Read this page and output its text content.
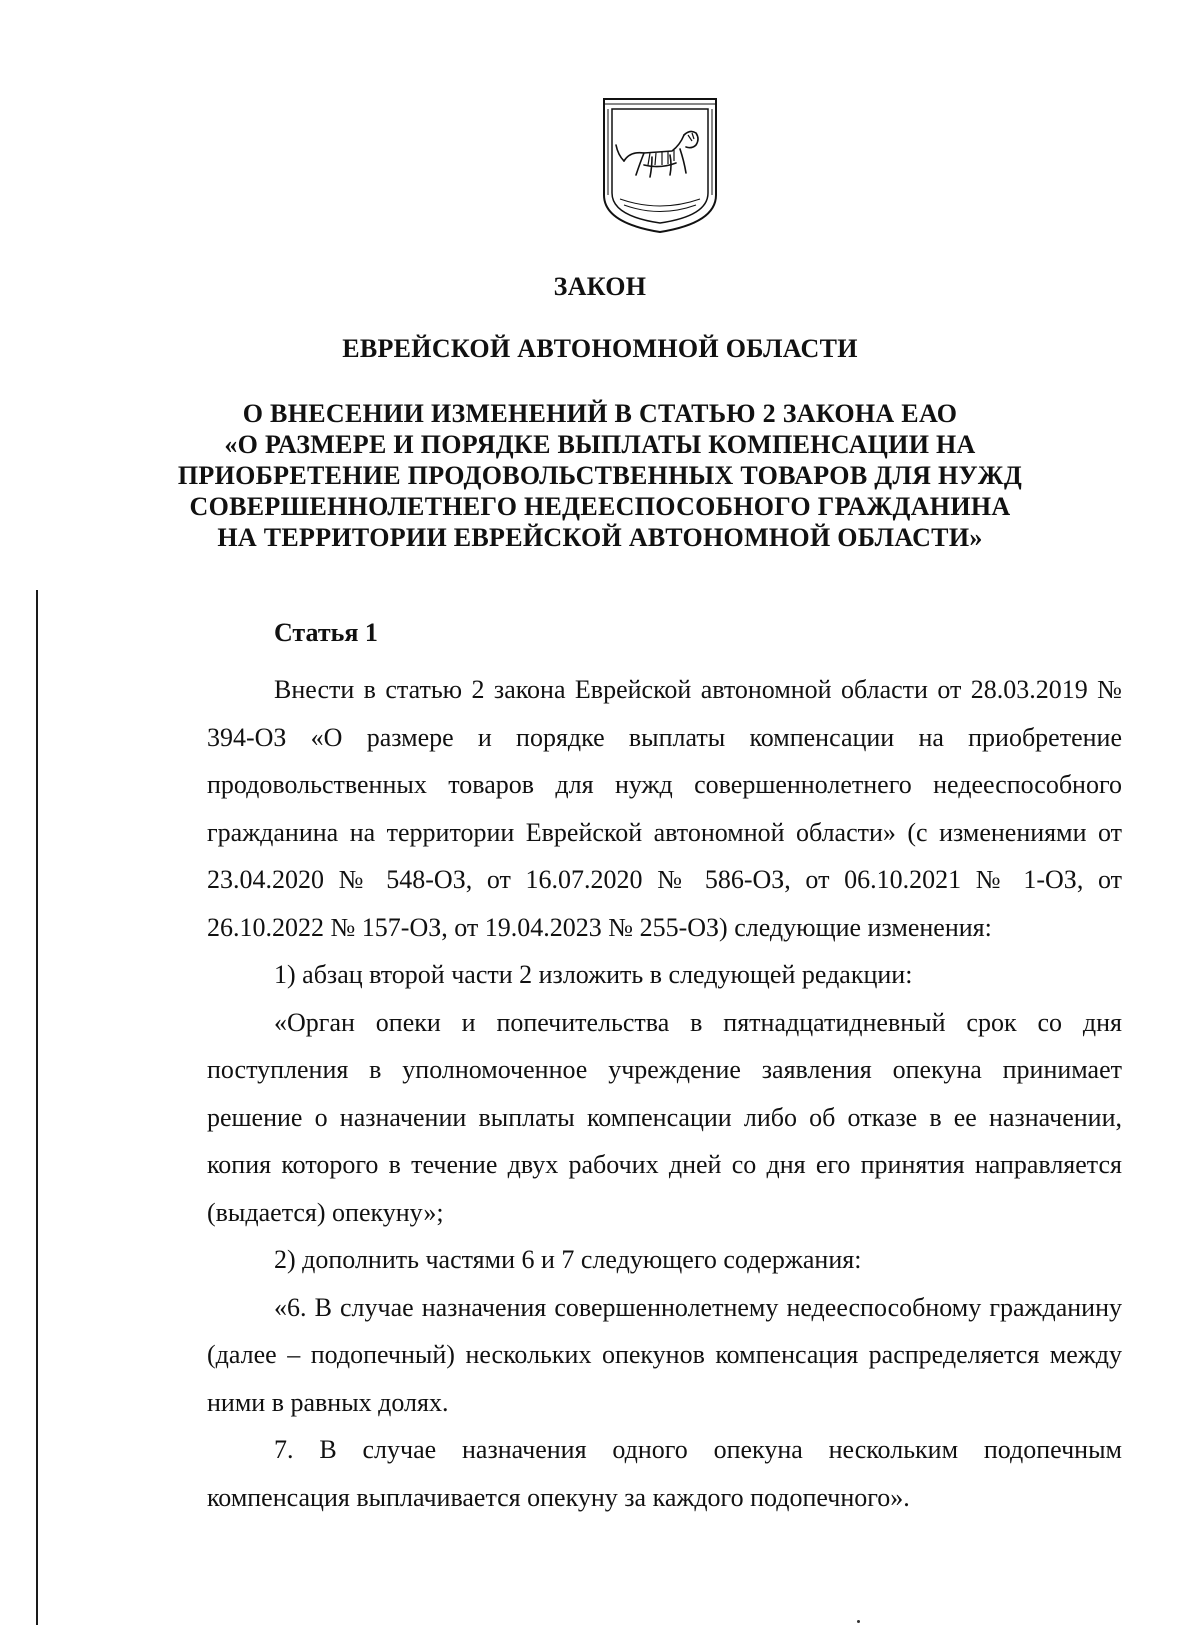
ЗАКОН
ЕВРЕЙСКОЙ АВТОНОМНОЙ ОБЛАСТИ
О ВНЕСЕНИИ ИЗМЕНЕНИЙ В СТАТЬЮ 2 ЗАКОНА ЕАО
«О РАЗМЕРЕ И ПОРЯДКЕ ВЫПЛАТЫ КОМПЕНСАЦИИ НА
ПРИОБРЕТЕНИЕ ПРОДОВОЛЬСТВЕННЫХ ТОВАРОВ ДЛЯ НУЖД
СОВЕРШЕННОЛЕТНЕГО НЕДЕЕСПОСОБНОГО ГРАЖДАНИНА
НА ТЕРРИТОРИИ ЕВРЕЙСКОЙ АВТОНОМНОЙ ОБЛАСТИ»
Статья 1

Внести в статью 2 закона Еврейской автономной области от 28.03.2019 № 394-ОЗ «О размере и порядке выплаты компенсации на приобретение продовольственных товаров для нужд совершеннолетнего недееспособного гражданина на территории Еврейской автономной области» (с изменениями от 23.04.2020 № 548-ОЗ, от 16.07.2020 № 586-ОЗ, от 06.10.2021 № 1-ОЗ, от 26.10.2022 № 157-ОЗ, от 19.04.2023 № 255-ОЗ) следующие изменения:

1) абзац второй части 2 изложить в следующей редакции:

«Орган опеки и попечительства в пятнадцатидневный срок со дня поступления в уполномоченное учреждение заявления опекуна принимает решение о назначении выплаты компенсации либо об отказе в ее назначении, копия которого в течение двух рабочих дней со дня его принятия направляется (выдается) опекуну»;

2) дополнить частями 6 и 7 следующего содержания:

«6. В случае назначения совершеннолетнему недееспособному гражданину (далее – подопечный) нескольких опекунов компенсация распределяется между ними в равных долях.

7. В случае назначения одного опекуна нескольким подопечным компенсация выплачивается опекуну за каждого подопечного».
